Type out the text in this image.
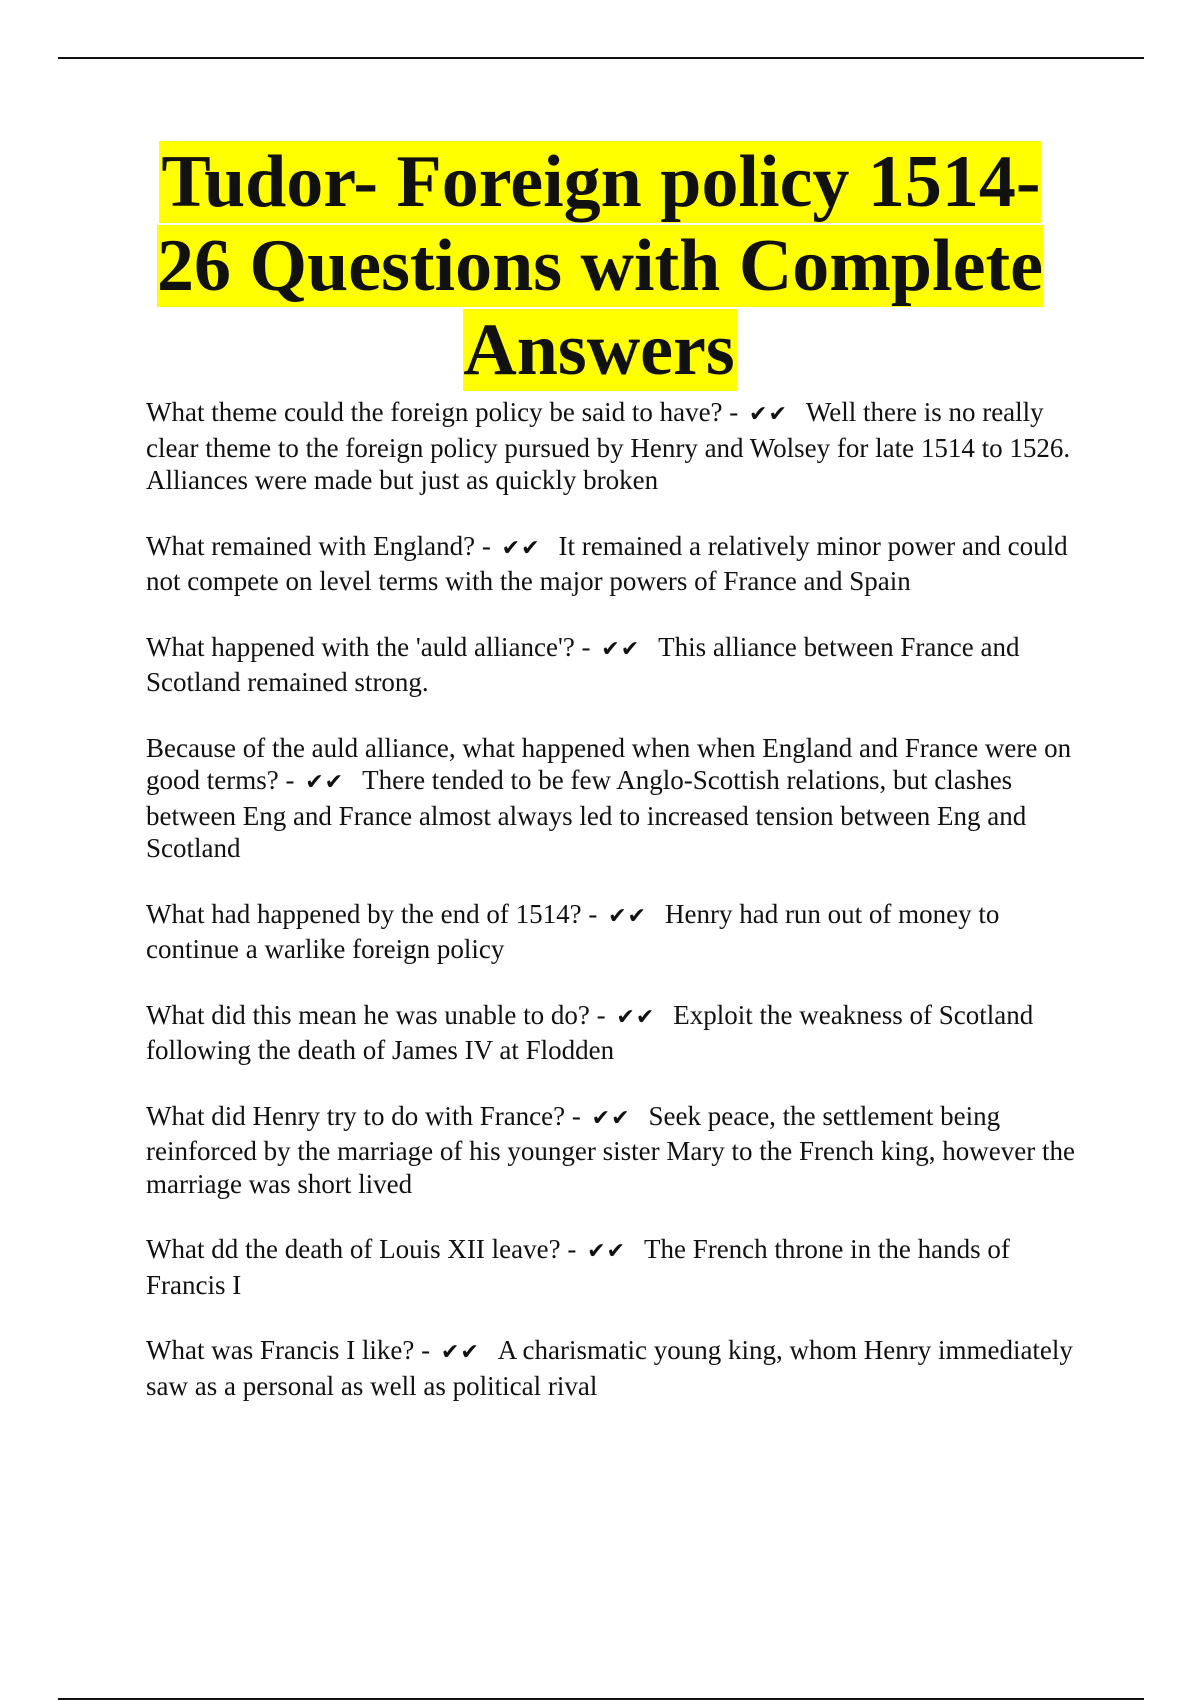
Tudor- Foreign policy 1514-26 Questions with Complete Answers

What theme could the foreign policy be said to have? - ✔✔ Well there is no really clear theme to the foreign policy pursued by Henry and Wolsey for late 1514 to 1526. Alliances were made but just as quickly broken

What remained with England? - ✔✔ It remained a relatively minor power and could not compete on level terms with the major powers of France and Spain

What happened with the 'auld alliance'? - ✔✔ This alliance between France and Scotland remained strong.

Because of the auld alliance, what happened when when England and France were on good terms? - ✔✔ There tended to be few Anglo-Scottish relations, but clashes between Eng and France almost always led to increased tension between Eng and Scotland

What had happened by the end of 1514? - ✔✔ Henry had run out of money to continue a warlike foreign policy

What did this mean he was unable to do? - ✔✔ Exploit the weakness of Scotland following the death of James IV at Flodden

What did Henry try to do with France? - ✔✔ Seek peace, the settlement being reinforced by the marriage of his younger sister Mary to the French king, however the marriage was short lived

What dd the death of Louis XII leave? - ✔✔ The French throne in the hands of Francis I

What was Francis I like? - ✔✔ A charismatic young king, whom Henry immediately saw as a personal as well as political rival
